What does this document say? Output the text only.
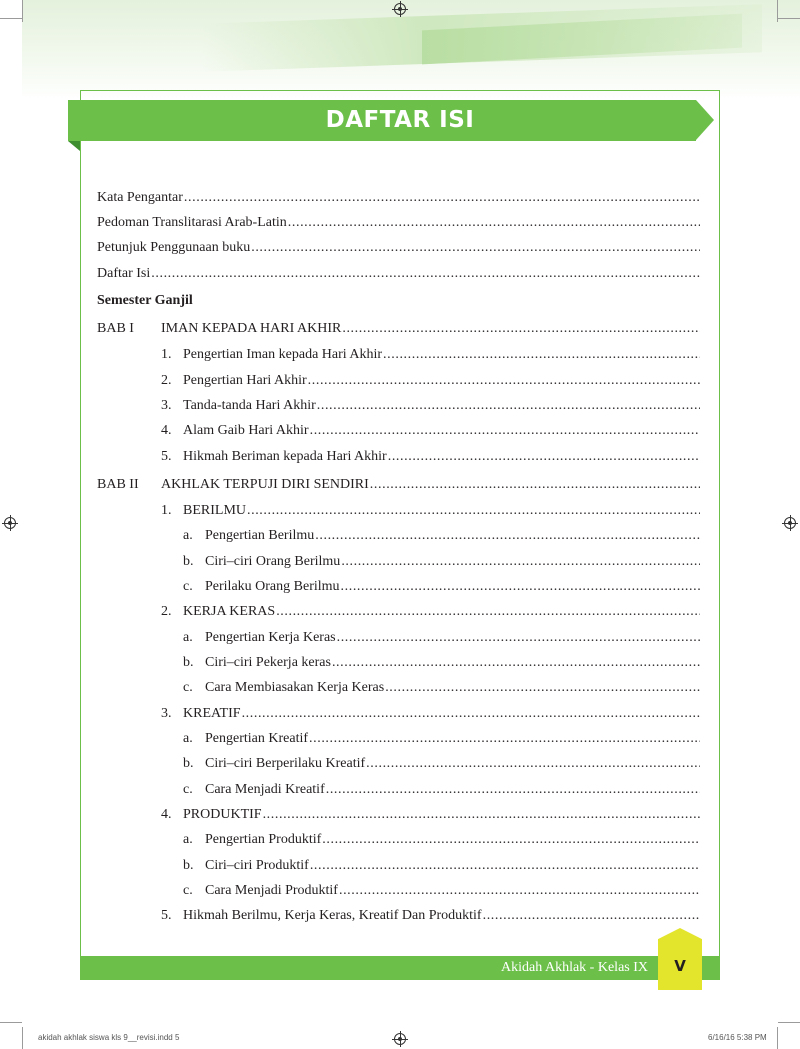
DAFTAR ISI
Kata Pengantar
.....
Pedoman Translitarasi Arab-Latin
.....
Petunjuk Penggunaan buku
.....
Daftar Isi
.....
Semester Ganjil
BAB I	IMAN KEPADA HARI AKHIR
.....
1. Pengertian Iman kepada Hari Akhir
.....
2. Pengertian Hari Akhir
.....
3. Tanda-tanda Hari Akhir
.....
4. Alam Gaib Hari Akhir
.....
5. Hikmah Beriman kepada Hari Akhir
.....
BAB II	AKHLAK TERPUJI DIRI SENDIRI
.....
1. BERILMU
.....
a. Pengertian Berilmu
.....
b. Ciri–ciri Orang Berilmu
.....
c. Perilaku Orang Berilmu
.....
2. KERJA KERAS
.....
a. Pengertian Kerja Keras
.....
b. Ciri–ciri Pekerja keras
.....
c. Cara Membiasakan Kerja Keras
.....
3. KREATIF
.....
a. Pengertian Kreatif
.....
b. Ciri–ciri Berperilaku Kreatif
.....
c. Cara Menjadi Kreatif
.....
4. PRODUKTIF
.....
a. Pengertian Produktif
.....
b. Ciri–ciri Produktif
.....
c. Cara Menjadi Produktif
.....
5. Hikmah Berilmu, Kerja Keras, Kreatif Dan Produktif
.....
Akidah Akhlak - Kelas IX	V
akidah akhlak siswa kls 9__revisi.indd 5	6/16/16 5:38 PM
